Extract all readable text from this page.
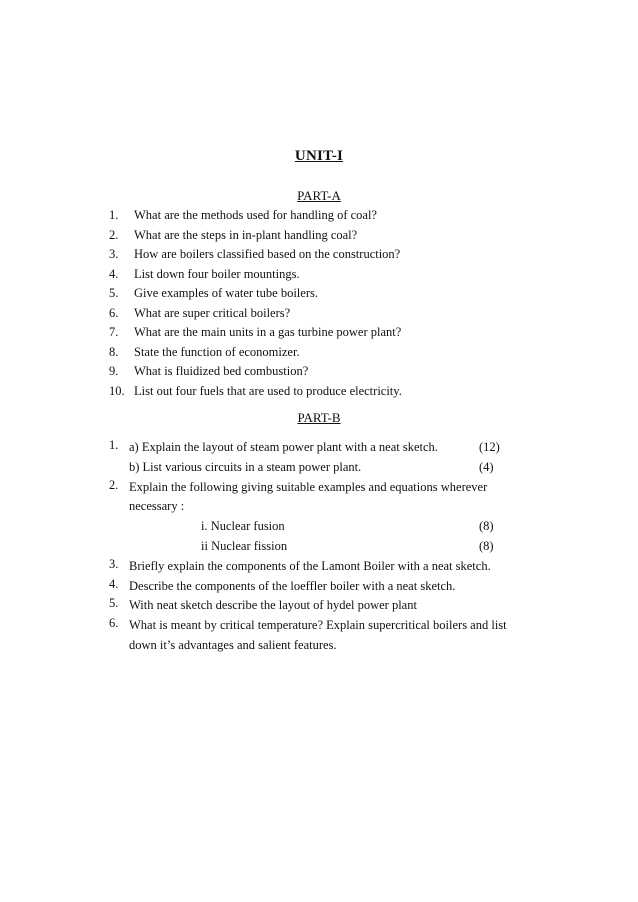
UNIT-I
PART-A
1. What are the methods used for handling of coal?
2. What are the steps in in-plant handling coal?
3. How are boilers classified based on the construction?
4. List down four boiler mountings.
5. Give examples of water tube boilers.
6. What are super critical boilers?
7. What are the main units in a gas turbine power plant?
8. State the function of economizer.
9. What is fluidized bed combustion?
10. List out four fuels that are used to produce electricity.
PART-B
1. a) Explain the layout of steam power plant with a neat sketch.	(12)
b) List various circuits in a steam power plant.	(4)
2. Explain the following giving suitable examples and equations wherever
necessary :
i. Nuclear fusion	(8)
ii Nuclear fission	(8)
3. Briefly explain the components of the Lamont Boiler with a neat sketch.
4. Describe the components of the loeffler boiler with a neat sketch.
5. With neat sketch describe the layout of hydel power plant
6. What is meant by critical temperature? Explain supercritical boilers and list
down it’s advantages and salient features.
